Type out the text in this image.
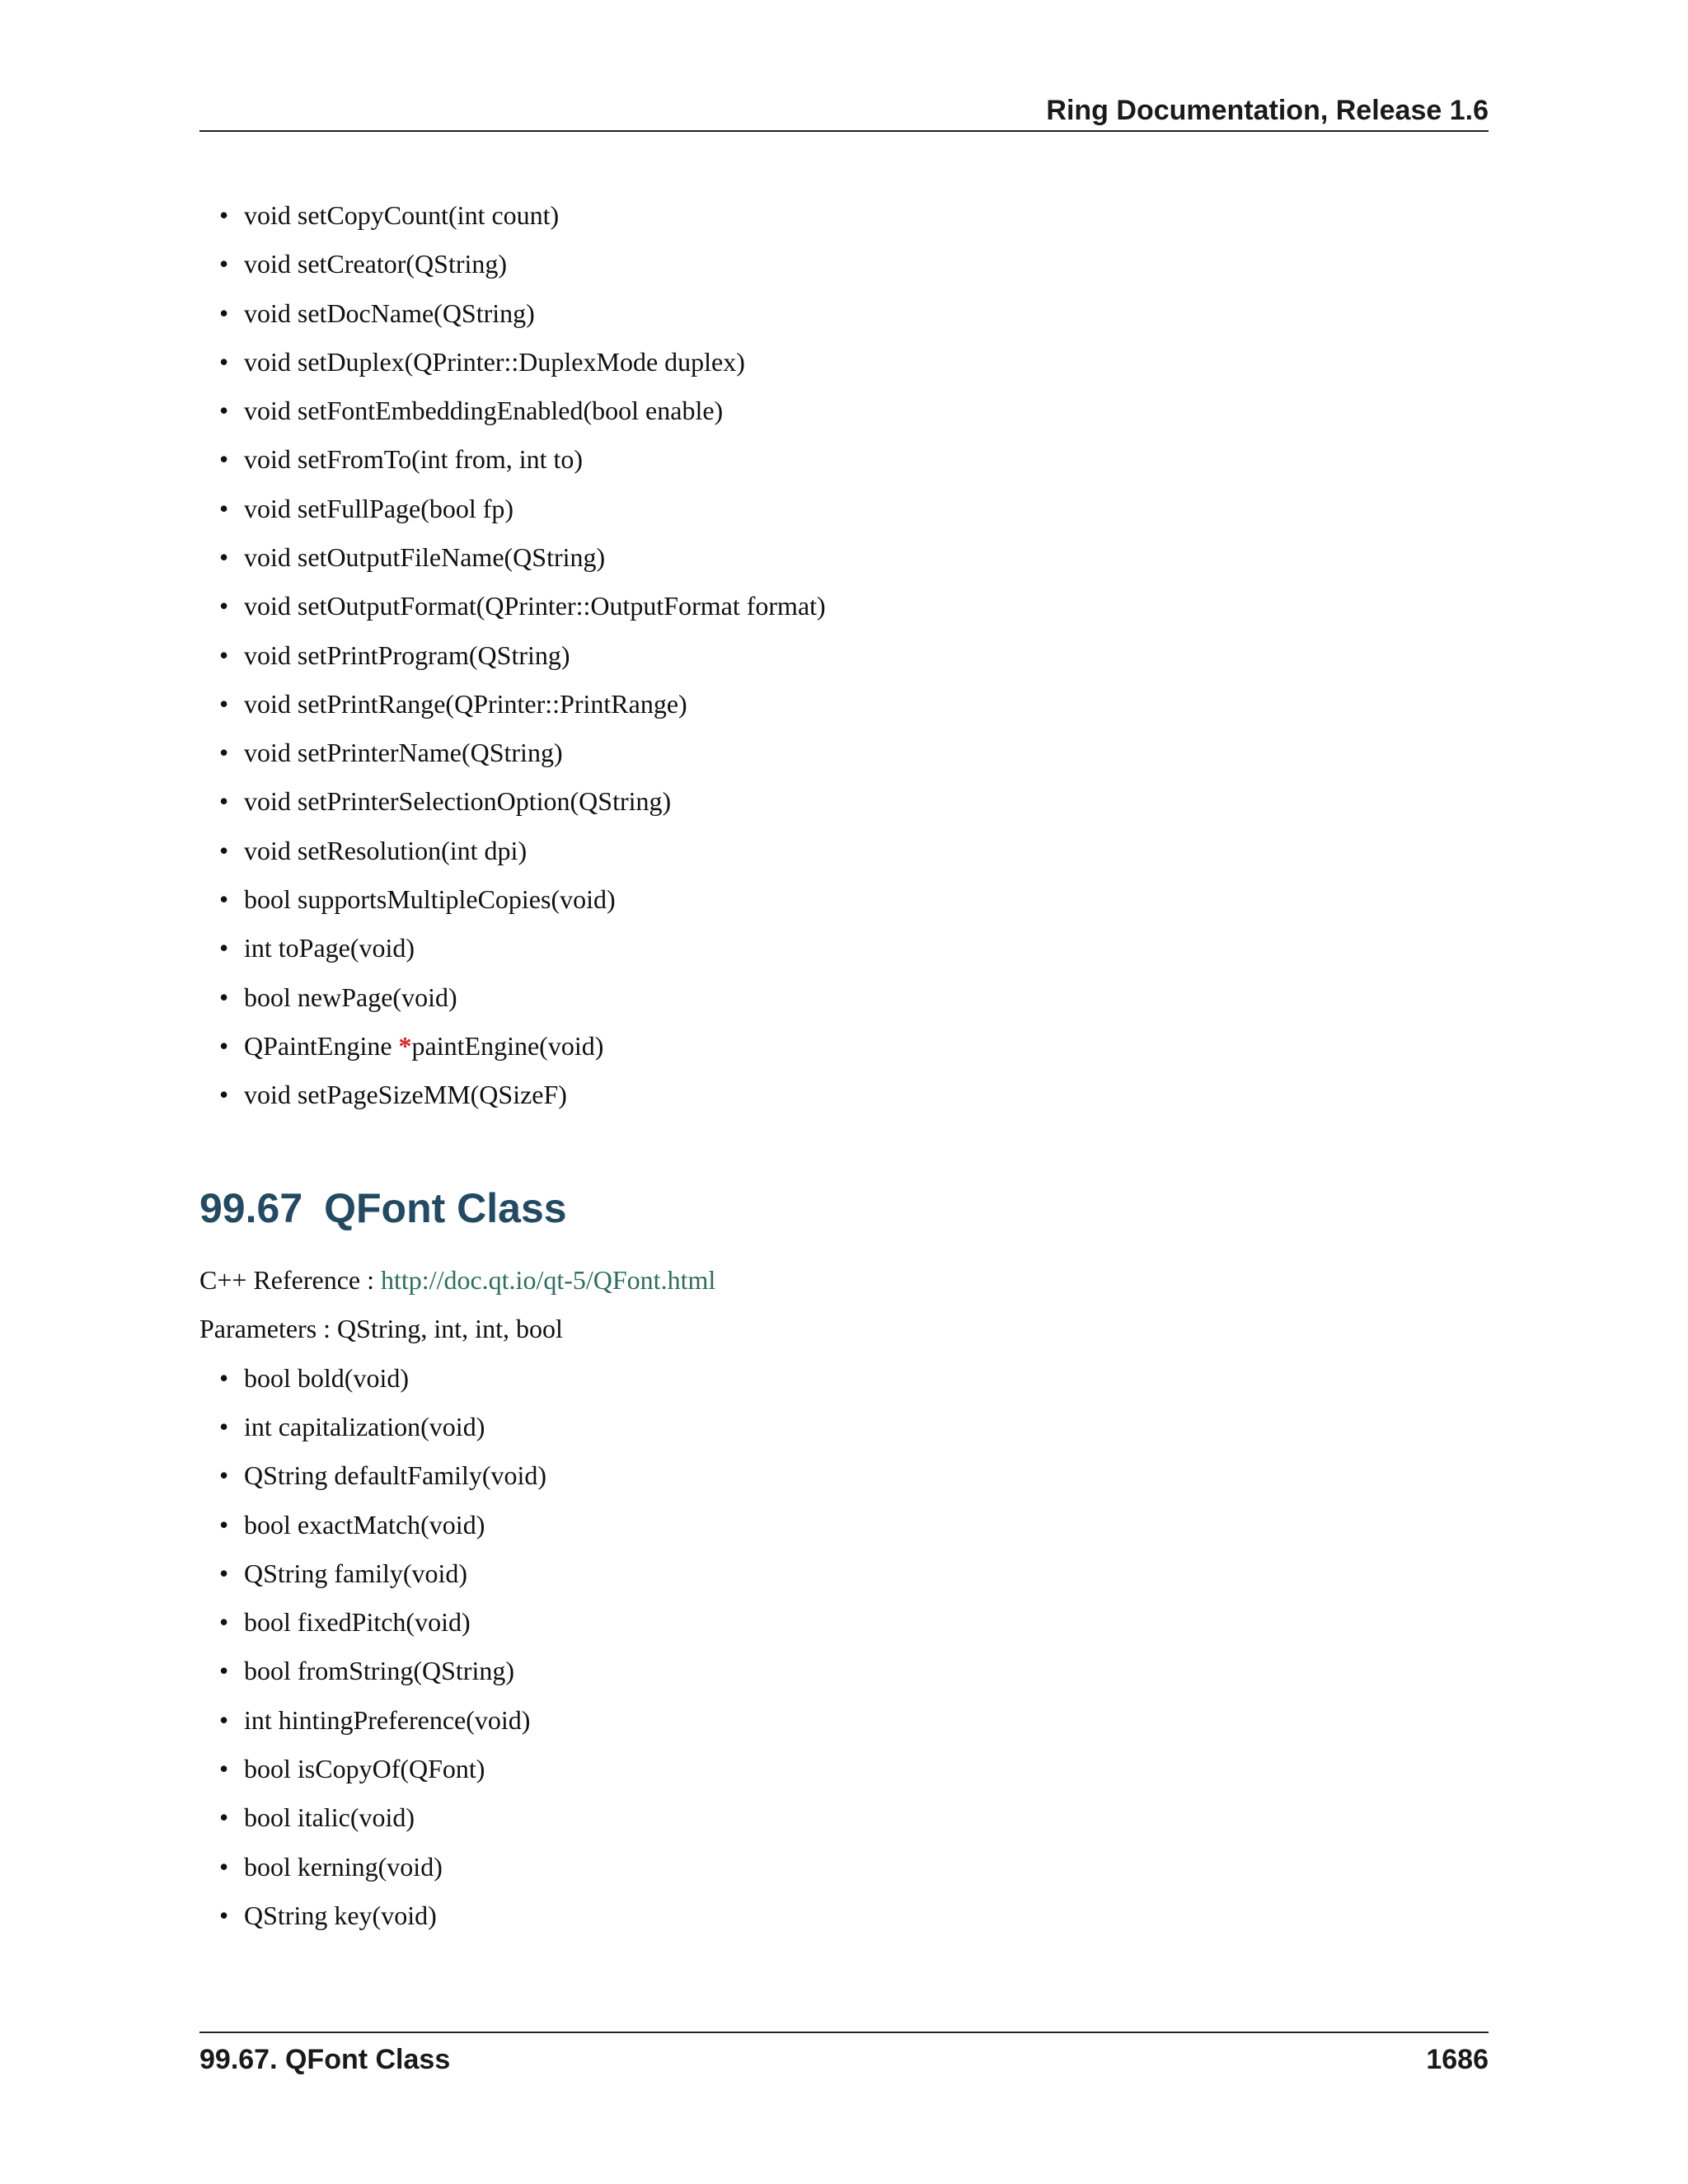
Ring Documentation, Release 1.6
• void setCopyCount(int count)
• void setCreator(QString)
• void setDocName(QString)
• void setDuplex(QPrinter::DuplexMode duplex)
• void setFontEmbeddingEnabled(bool enable)
• void setFromTo(int from, int to)
• void setFullPage(bool fp)
• void setOutputFileName(QString)
• void setOutputFormat(QPrinter::OutputFormat format)
• void setPrintProgram(QString)
• void setPrintRange(QPrinter::PrintRange)
• void setPrinterName(QString)
• void setPrinterSelectionOption(QString)
• void setResolution(int dpi)
• bool supportsMultipleCopies(void)
• int toPage(void)
• bool newPage(void)
• QPaintEngine *paintEngine(void)
• void setPageSizeMM(QSizeF)
99.67 QFont Class
C++ Reference : http://doc.qt.io/qt-5/QFont.html
Parameters : QString, int, int, bool
• bool bold(void)
• int capitalization(void)
• QString defaultFamily(void)
• bool exactMatch(void)
• QString family(void)
• bool fixedPitch(void)
• bool fromString(QString)
• int hintingPreference(void)
• bool isCopyOf(QFont)
• bool italic(void)
• bool kerning(void)
• QString key(void)
99.67. QFont Class	1686
